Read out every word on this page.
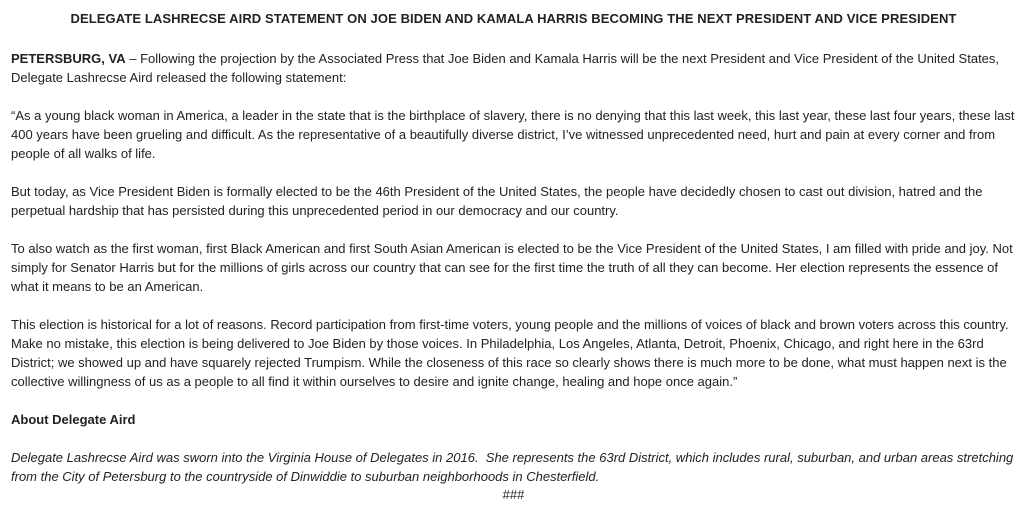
DELEGATE LASHRECSE AIRD STATEMENT ON JOE BIDEN AND KAMALA HARRIS BECOMING THE NEXT PRESIDENT AND VICE PRESIDENT

PETERSBURG, VA – Following the projection by the Associated Press that Joe Biden and Kamala Harris will be the next President and Vice President of the United States, Delegate Lashrecse Aird released the following statement:

“As a young black woman in America, a leader in the state that is the birthplace of slavery, there is no denying that this last week, this last year, these last four years, these last 400 years have been grueling and difficult. As the representative of a beautifully diverse district, I’ve witnessed unprecedented need, hurt and pain at every corner and from people of all walks of life.

But today, as Vice President Biden is formally elected to be the 46th President of the United States, the people have decidedly chosen to cast out division, hatred and the perpetual hardship that has persisted during this unprecedented period in our democracy and our country.

To also watch as the first woman, first Black American and first South Asian American is elected to be the Vice President of the United States, I am filled with pride and joy. Not simply for Senator Harris but for the millions of girls across our country that can see for the first time the truth of all they can become. Her election represents the essence of what it means to be an American.

This election is historical for a lot of reasons. Record participation from first-time voters, young people and the millions of voices of black and brown voters across this country. Make no mistake, this election is being delivered to Joe Biden by those voices. In Philadelphia, Los Angeles, Atlanta, Detroit, Phoenix, Chicago, and right here in the 63rd District; we showed up and have squarely rejected Trumpism. While the closeness of this race so clearly shows there is much more to be done, what must happen next is the collective willingness of us as a people to all find it within ourselves to desire and ignite change, healing and hope once again.”

About Delegate Aird

Delegate Lashrecse Aird was sworn into the Virginia House of Delegates in 2016.  She represents the 63rd District, which includes rural, suburban, and urban areas stretching from the City of Petersburg to the countryside of Dinwiddie to suburban neighborhoods in Chesterfield.

###
